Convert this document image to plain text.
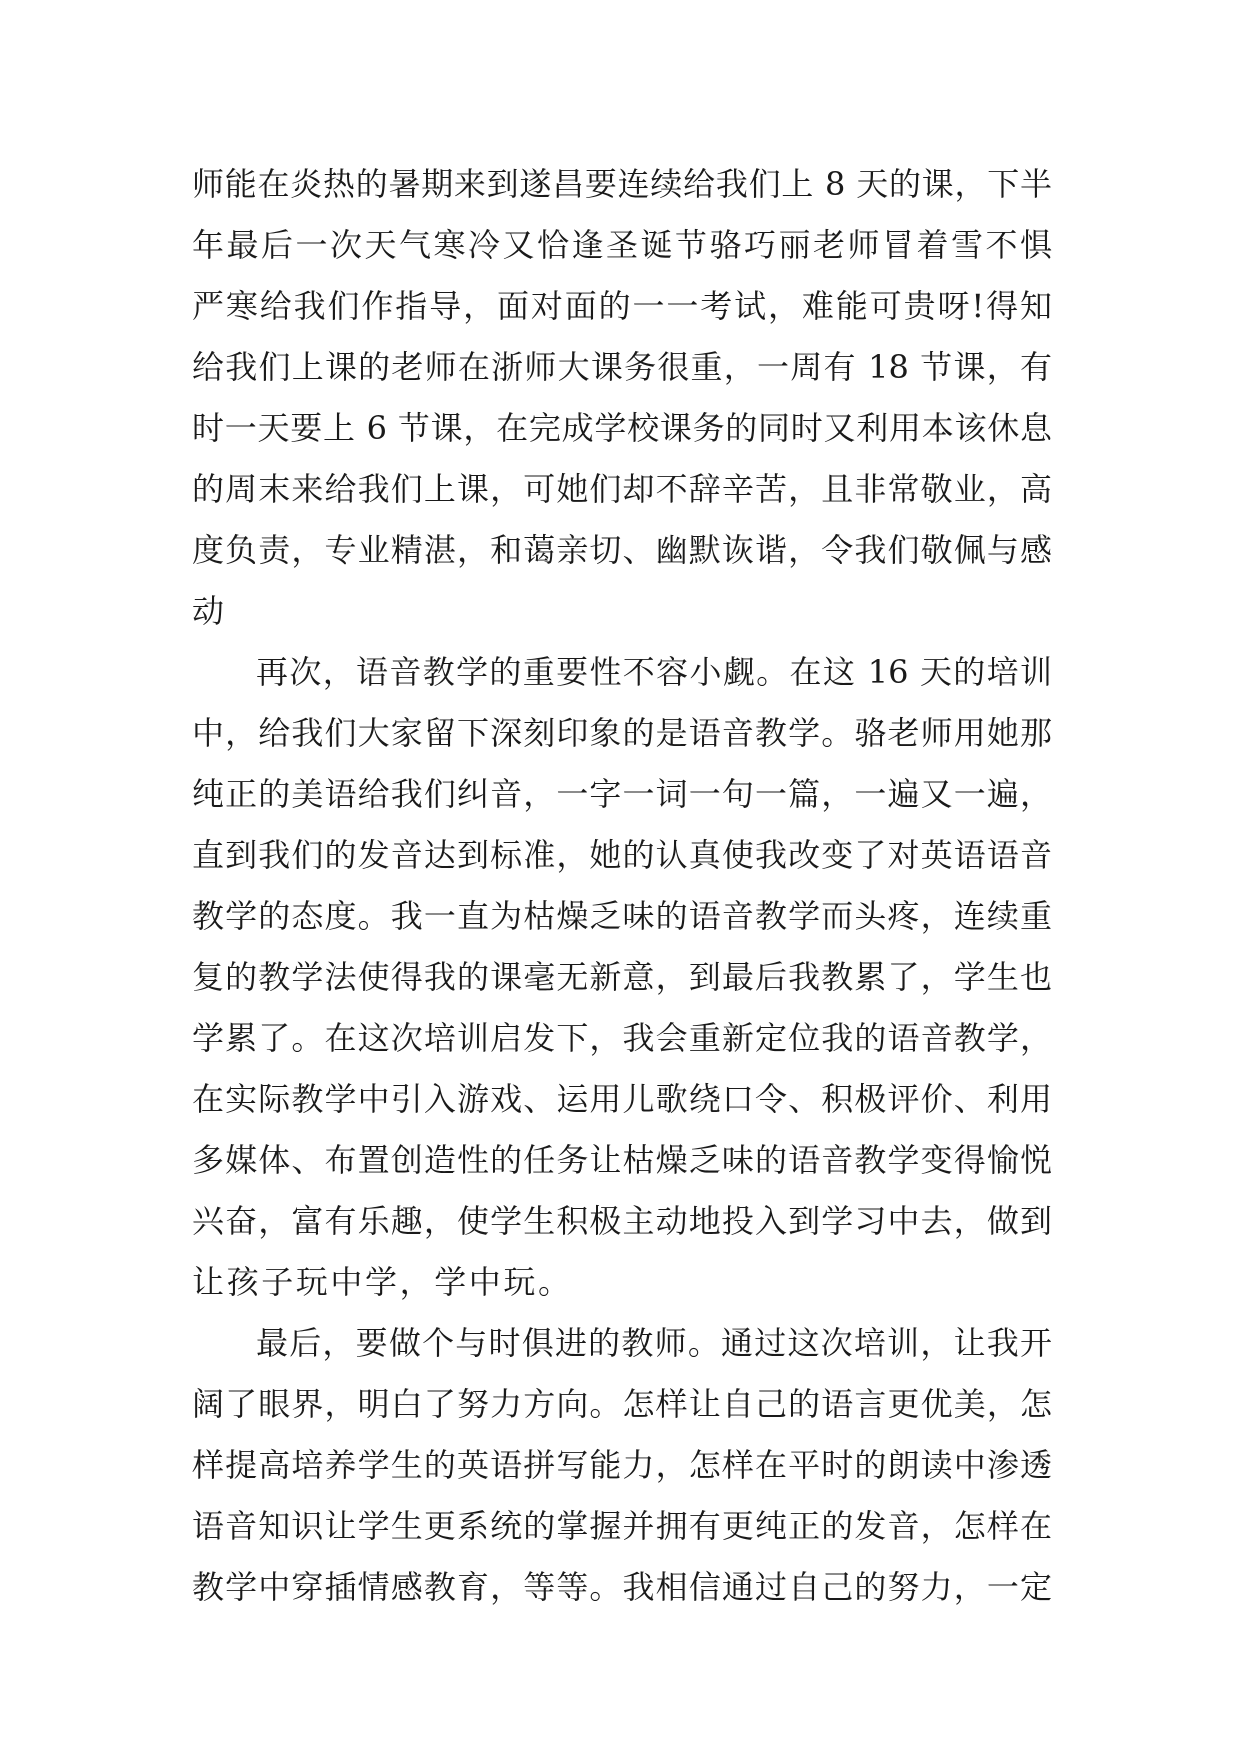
师能在炎热的暑期来到遂昌要连续给我们上 8 天的课，下半
年最后一次天气寒冷又恰逢圣诞节骆巧丽老师冒着雪不惧
严寒给我们作指导，面对面的一一考试，难能可贵呀!得知
给我们上课的老师在浙师大课务很重，一周有 18 节课，有
时一天要上 6 节课，在完成学校课务的同时又利用本该休息
的周末来给我们上课，可她们却不辞辛苦，且非常敬业，高
度负责，专业精湛，和蔼亲切、幽默诙谐，令我们敬佩与感
动
再次，语音教学的重要性不容小觑。在这 16 天的培训
中，给我们大家留下深刻印象的是语音教学。骆老师用她那
纯正的美语给我们纠音，一字一词一句一篇，一遍又一遍，
直到我们的发音达到标准，她的认真使我改变了对英语语音
教学的态度。我一直为枯燥乏味的语音教学而头疼，连续重
复的教学法使得我的课毫无新意，到最后我教累了，学生也
学累了。在这次培训启发下，我会重新定位我的语音教学，
在实际教学中引入游戏、运用儿歌绕口令、积极评价、利用
多媒体、布置创造性的任务让枯燥乏味的语音教学变得愉悦
兴奋，富有乐趣，使学生积极主动地投入到学习中去，做到
让孩子玩中学，学中玩。
最后，要做个与时俱进的教师。通过这次培训，让我开
阔了眼界，明白了努力方向。怎样让自己的语言更优美，怎
样提高培养学生的英语拼写能力，怎样在平时的朗读中渗透
语音知识让学生更系统的掌握并拥有更纯正的发音，怎样在
教学中穿插情感教育，等等。我相信通过自己的努力，一定
